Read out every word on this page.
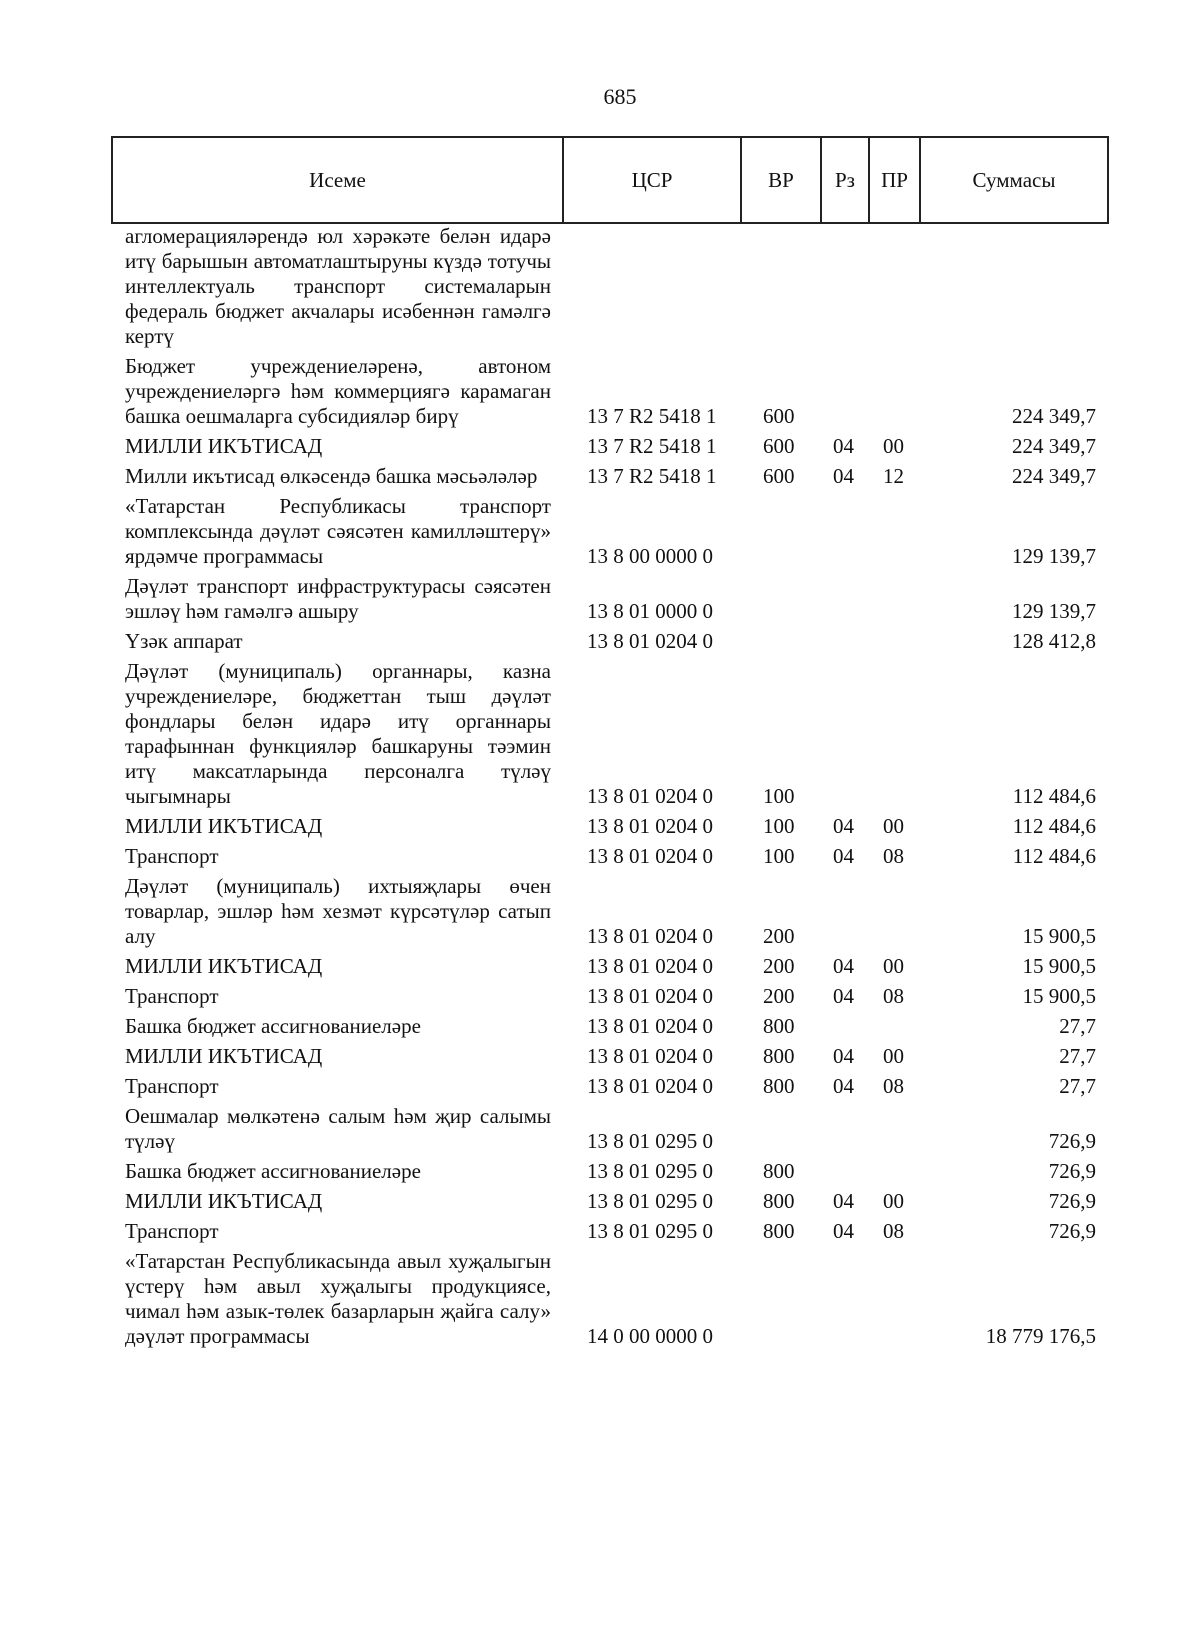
685
Исеме	ЦСР	ВР	Рз	ПР	Суммасы
агломерацияләрендә юл хәрәкәте белән идарә итү барышын автоматлаштыруны күздә тотучы интеллектуаль транспорт системаларын федераль бюджет акчалары исәбеннән гамәлгә кертү					
Бюджет учреждениеләренә, автоном учреждениеләргә һәм коммерциягә карамаган башка оешмаларга субсидияләр бирү	13 7 R2 5418 1	600			224 349,7
МИЛЛИ ИКЪТИСАД	13 7 R2 5418 1	600	04	00	224 349,7
Милли икътисад өлкәсендә башка мәсьәләләр	13 7 R2 5418 1	600	04	12	224 349,7
«Татарстан Республикасы транспорт комплексында дәүләт сәясәтен камилләштерү» ярдәмче программасы	13 8 00 0000 0				129 139,7
Дәүләт транспорт инфраструктурасы сәясәтен эшләү һәм гамәлгә ашыру	13 8 01 0000 0				129 139,7
Үзәк аппарат	13 8 01 0204 0				128 412,8
Дәүләт (муниципаль) органнары, казна учреждениеләре, бюджеттан тыш дәүләт фондлары белән идарә итү органнары тарафыннан функцияләр башкаруны тәэмин итү максатларында персоналга түләү чыгымнары	13 8 01 0204 0	100			112 484,6
МИЛЛИ ИКЪТИСАД	13 8 01 0204 0	100	04	00	112 484,6
Транспорт	13 8 01 0204 0	100	04	08	112 484,6
Дәүләт (муниципаль) ихтыяҗлары өчен товарлар, эшләр һәм хезмәт күрсәтүләр сатып алу	13 8 01 0204 0	200			15 900,5
МИЛЛИ ИКЪТИСАД	13 8 01 0204 0	200	04	00	15 900,5
Транспорт	13 8 01 0204 0	200	04	08	15 900,5
Башка бюджет ассигнованиеләре	13 8 01 0204 0	800			27,7
МИЛЛИ ИКЪТИСАД	13 8 01 0204 0	800	04	00	27,7
Транспорт	13 8 01 0204 0	800	04	08	27,7
Оешмалар мөлкәтенә салым һәм җир салымы түләү	13 8 01 0295 0				726,9
Башка бюджет ассигнованиеләре	13 8 01 0295 0	800			726,9
МИЛЛИ ИКЪТИСАД	13 8 01 0295 0	800	04	00	726,9
Транспорт	13 8 01 0295 0	800	04	08	726,9
«Татарстан Республикасында авыл хуҗалыгын үстерү һәм авыл хуҗалыгы продукциясе, чимал һәм азык-төлек базарларын җайга салу» дәүләт программасы	14 0 00 0000 0				18 779 176,5
